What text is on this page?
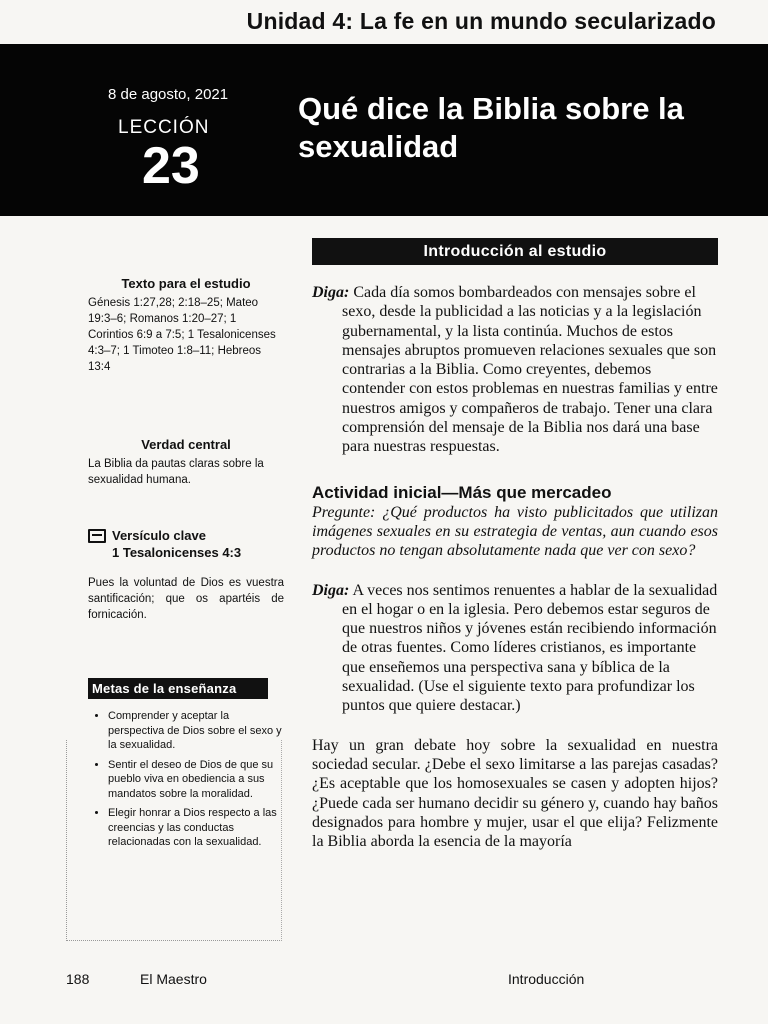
Unidad 4: La fe en un mundo secularizado
8 de agosto, 2021
LECCIÓN
23
Qué dice la Biblia sobre la sexualidad

Texto para el estudio

Génesis 1:27,28; 2:18–25; Mateo 19:3–6; Romanos 1:20–27; 1 Corintios 6:9 a 7:5; 1 Tesalonicenses 4:3–7; 1 Timoteo 1:8–11; Hebreos 13:4

Verdad central

La Biblia da pautas claras sobre la sexualidad humana.
Versículo clave
1 Tesalonicenses 4:3
Pues la voluntad de Dios es vuestra santificación; que os apartéis de fornicación.
Metas de la enseñanza
• Comprender y aceptar la perspectiva de Dios sobre el sexo y la sexualidad.
• Sentir el deseo de Dios de que su pueblo viva en obediencia a sus mandatos sobre la moralidad.
• Elegir honrar a Dios respecto a las creencias y las conductas relacionadas con la sexualidad.
Introducción al estudio

Diga: Cada día somos bombardeados con mensajes sobre el sexo, desde la publicidad a las noticias y a la legislación gubernamental, y la lista continúa. Muchos de estos mensajes abruptos promueven relaciones sexuales que son contrarias a la Biblia. Como creyentes, debemos contender con estos problemas en nuestras familias y entre nuestros amigos y compañeros de trabajo. Tener una clara comprensión del mensaje de la Biblia nos dará una base para nuestras respuestas.

Actividad inicial—Más que mercadeo

Pregunte: ¿Qué productos ha visto publicitados que utilizan imágenes sexuales en su estrategia de ventas, aun cuando esos productos no tengan absolutamente nada que ver con sexo?

Diga: A veces nos sentimos renuentes a hablar de la sexualidad en el hogar o en la iglesia. Pero debemos estar seguros de que nuestros niños y jóvenes están recibiendo información de otras fuentes. Como líderes cristianos, es importante que enseñemos una perspectiva sana y bíblica de la sexualidad. (Use el siguiente texto para profundizar los puntos que quiere destacar.)

Hay un gran debate hoy sobre la sexualidad en nuestra sociedad secular. ¿Debe el sexo limitarse a las parejas casadas? ¿Es aceptable que los homosexuales se casen y adopten hijos? ¿Puede cada ser humano decidir su género y, cuando hay baños designados para hombre y mujer, usar el que elija? Felizmente la Biblia aborda la esencia de la mayoría

188	El Maestro	Introducción
